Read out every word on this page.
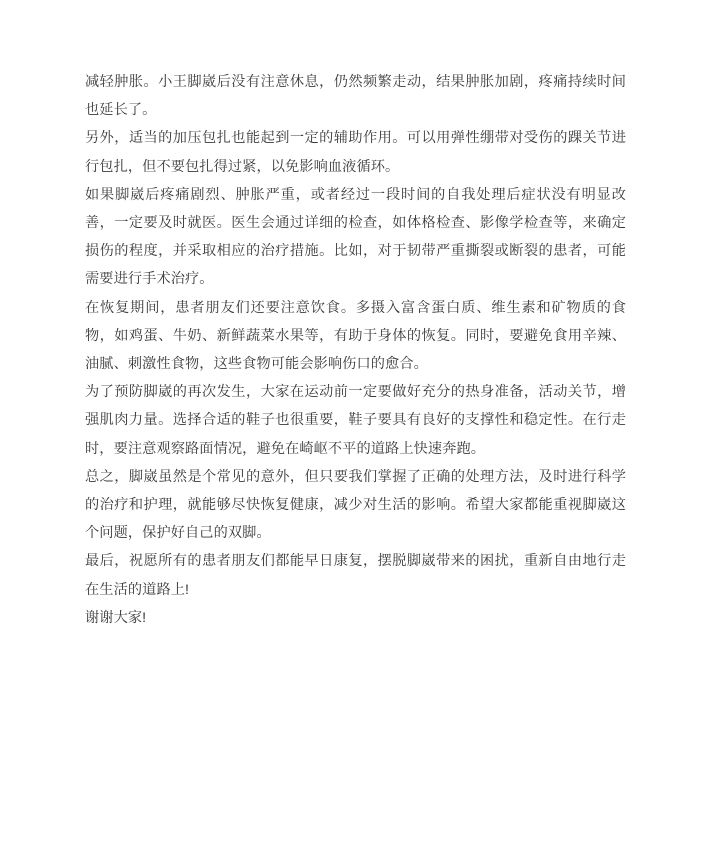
减轻肿胀。小王脚崴后没有注意休息，仍然频繁走动，结果肿胀加剧，疼痛持续时间也延长了。

另外，适当的加压包扎也能起到一定的辅助作用。可以用弹性绷带对受伤的踝关节进行包扎，但不要包扎得过紧，以免影响血液循环。

如果脚崴后疼痛剧烈、肿胀严重，或者经过一段时间的自我处理后症状没有明显改善，一定要及时就医。医生会通过详细的检查，如体格检查、影像学检查等，来确定损伤的程度，并采取相应的治疗措施。比如，对于韧带严重撕裂或断裂的患者，可能需要进行手术治疗。

在恢复期间，患者朋友们还要注意饮食。多摄入富含蛋白质、维生素和矿物质的食物，如鸡蛋、牛奶、新鲜蔬菜水果等，有助于身体的恢复。同时，要避免食用辛辣、油腻、刺激性食物，这些食物可能会影响伤口的愈合。

为了预防脚崴的再次发生，大家在运动前一定要做好充分的热身准备，活动关节，增强肌肉力量。选择合适的鞋子也很重要，鞋子要具有良好的支撑性和稳定性。在行走时，要注意观察路面情况，避免在崎岖不平的道路上快速奔跑。

总之，脚崴虽然是个常见的意外，但只要我们掌握了正确的处理方法，及时进行科学的治疗和护理，就能够尽快恢复健康，减少对生活的影响。希望大家都能重视脚崴这个问题，保护好自己的双脚。

最后，祝愿所有的患者朋友们都能早日康复，摆脱脚崴带来的困扰，重新自由地行走在生活的道路上!

谢谢大家!
